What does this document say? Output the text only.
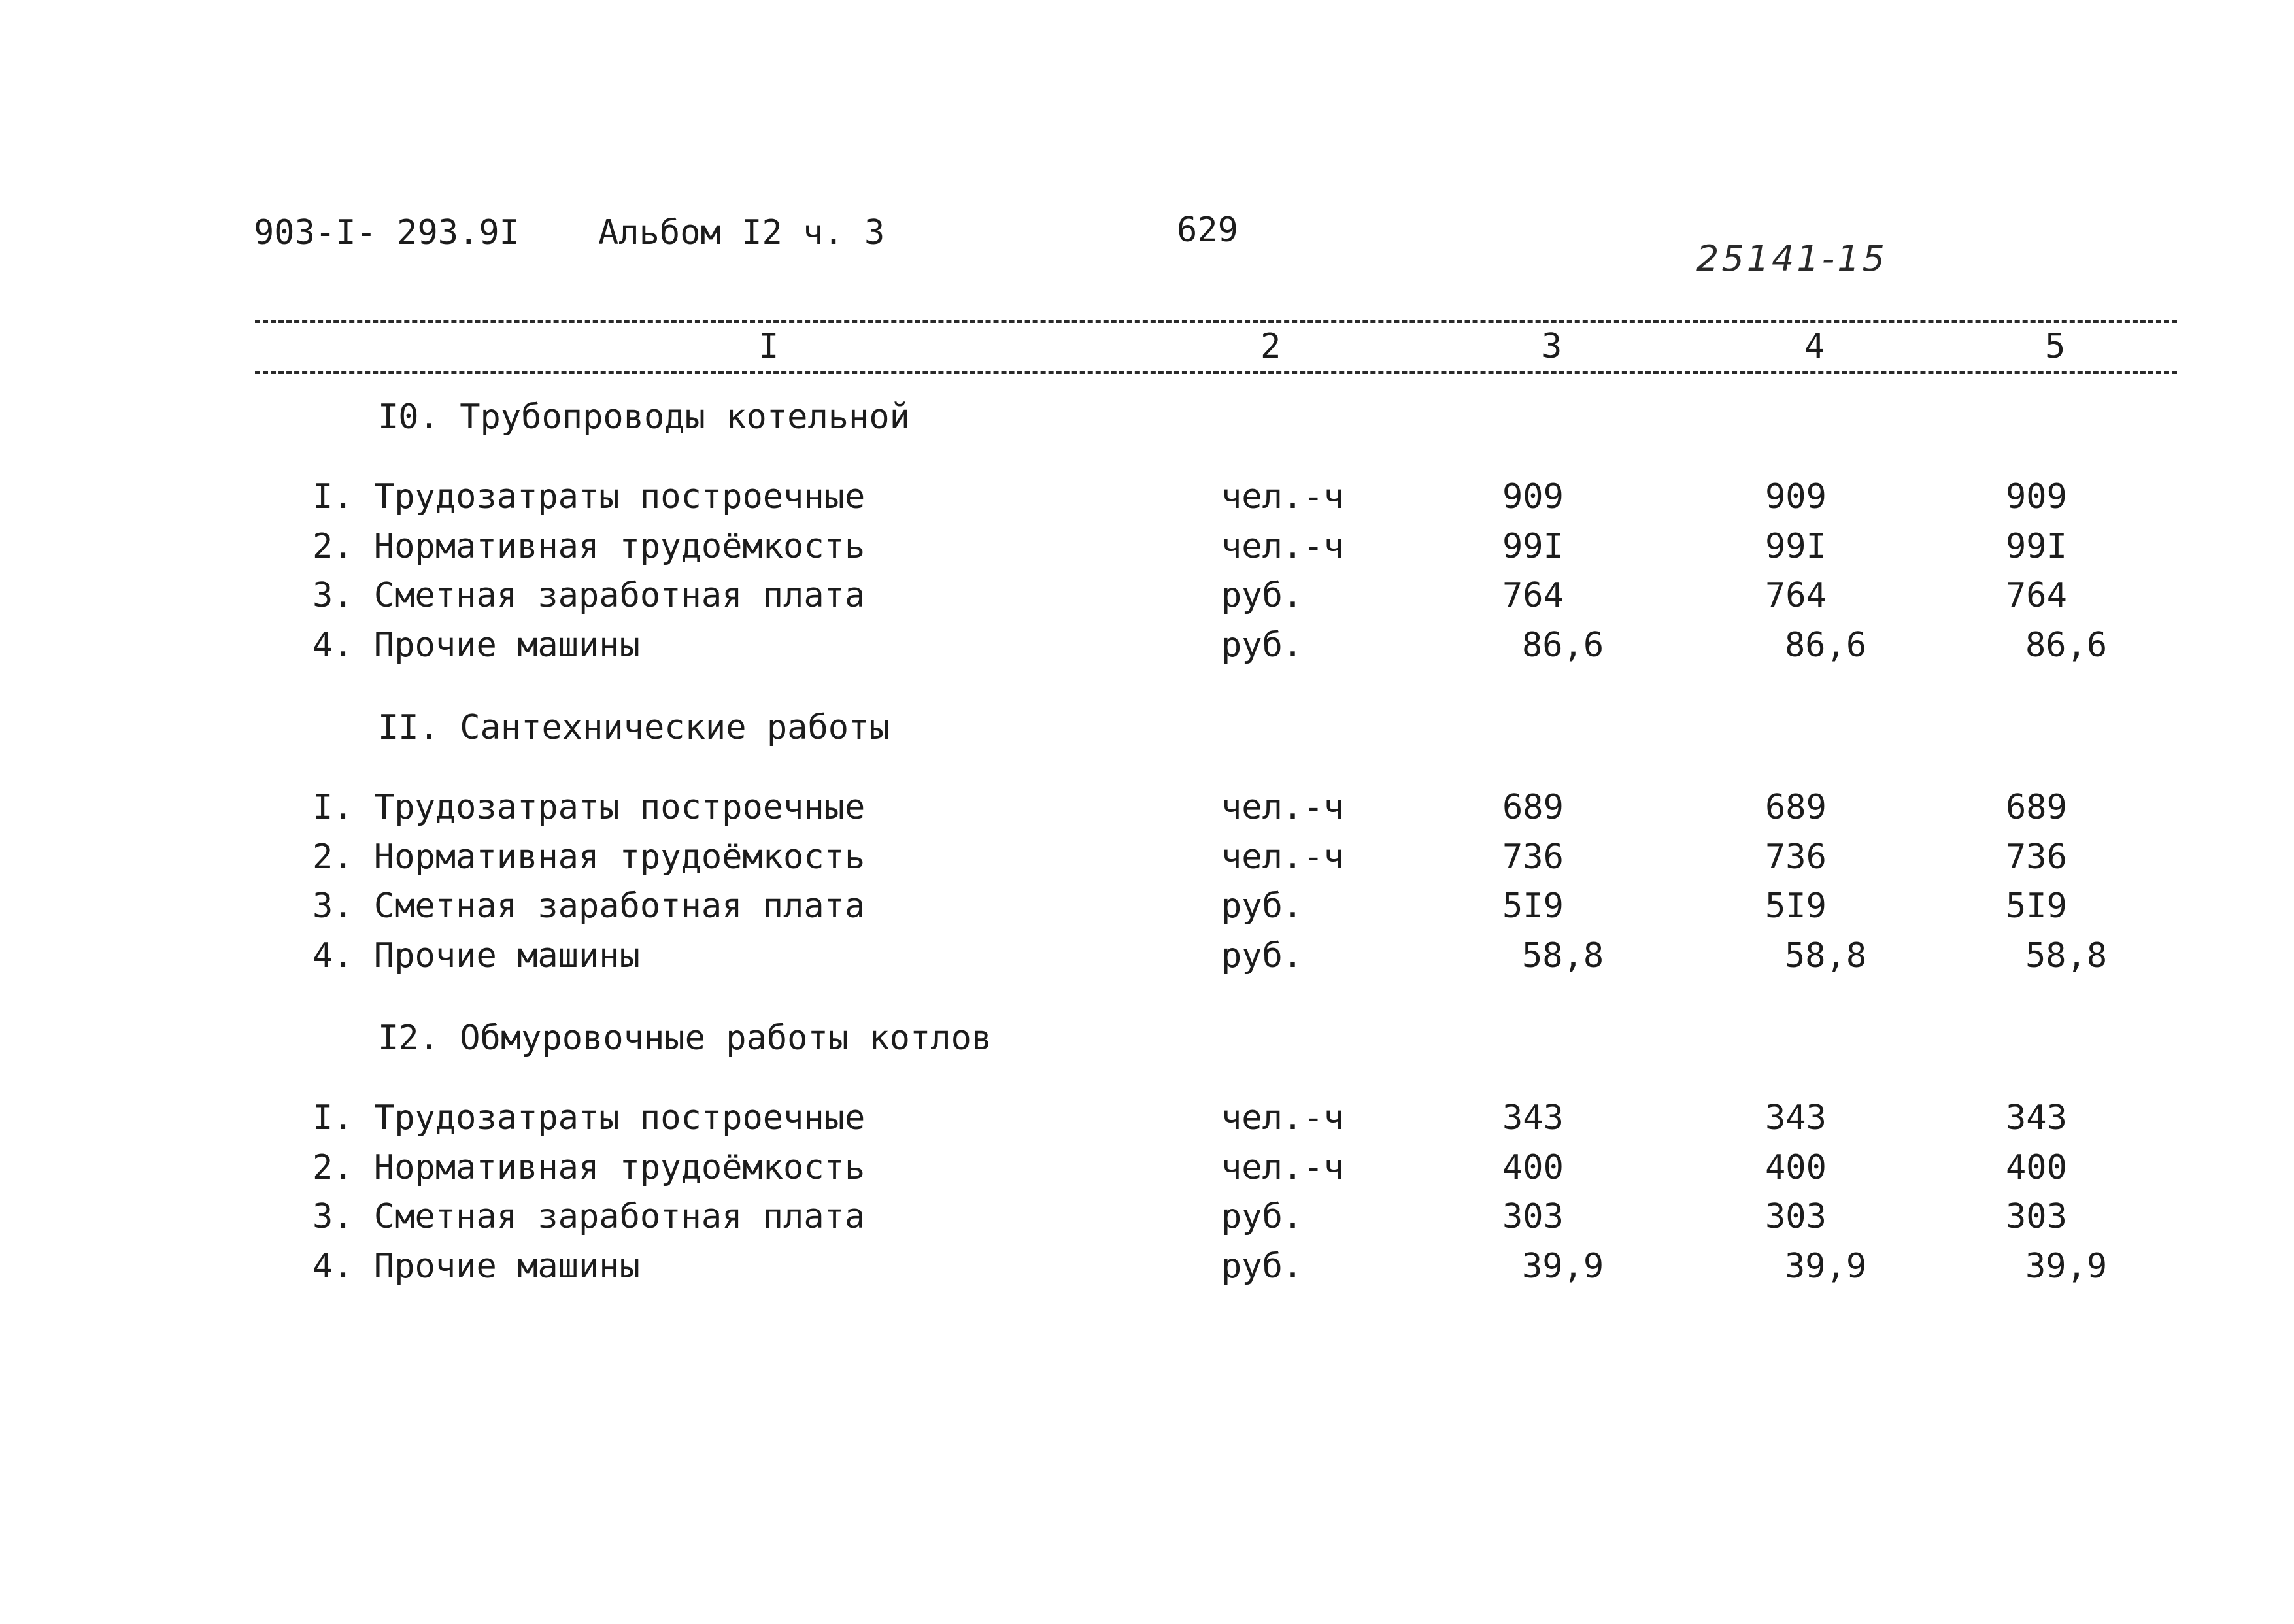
903-I- 293.9I Альбом I2 ч. 3	629
25141-15
I	2	3	4	5
I0. Трубопроводы котельной
I. Трудозатраты построечные	чел.-ч	909	909	909
2. Нормативная трудоёмкость	чел.-ч	99I	99I	99I
3. Сметная заработная плата	руб.	764	764	764
4. Прочие машины	руб.	86,6	86,6	86,6
II. Сантехнические работы
I. Трудозатраты построечные	чел.-ч	689	689	689
2. Нормативная трудоёмкость	чел.-ч	736	736	736
3. Сметная заработная плата	руб.	5I9	5I9	5I9
4. Прочие машины	руб.	58,8	58,8	58,8
I2. Обмуровочные работы котлов
I. Трудозатраты построечные	чел.-ч	343	343	343
2. Нормативная трудоёмкость	чел.-ч	400	400	400
3. Сметная заработная плата	руб.	303	303	303
4. Прочие машины	руб.	39,9	39,9	39,9
